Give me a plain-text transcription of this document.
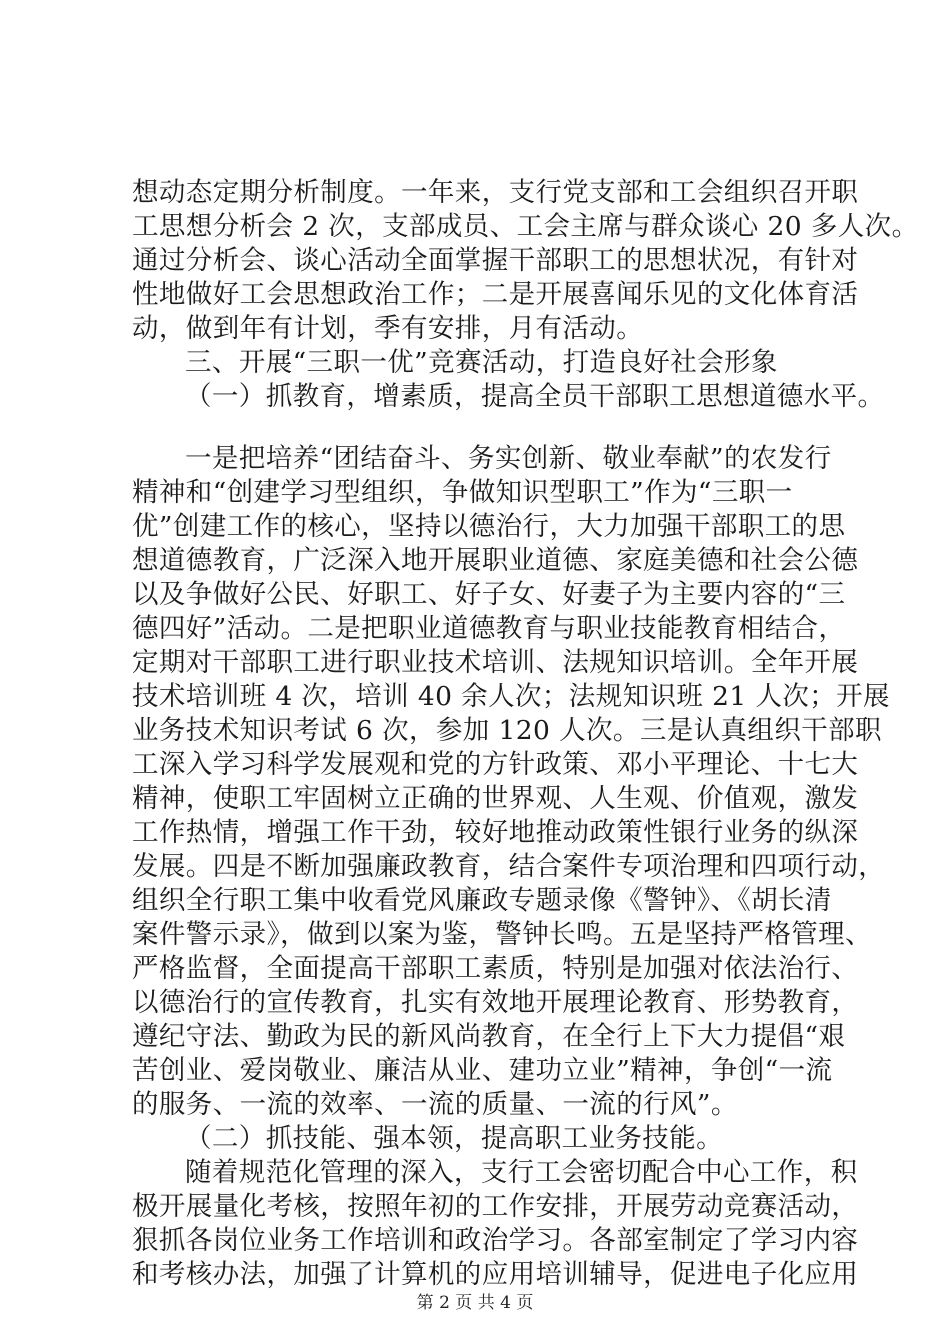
想动态定期分析制度。一年来，支行党支部和工会组织召开职
工思想分析会 2 次，支部成员、工会主席与群众谈心 20 多人次。
通过分析会、谈心活动全面掌握干部职工的思想状况，有针对
性地做好工会思想政治工作；二是开展喜闻乐见的文化体育活
动，做到年有计划，季有安排，月有活动。
三、开展“三职一优”竞赛活动，打造良好社会形象
（一）抓教育，增素质，提高全员干部职工思想道德水平。
一是把培养“团结奋斗、务实创新、敬业奉献”的农发行
精神和“创建学习型组织，争做知识型职工”作为“三职一
优”创建工作的核心，坚持以德治行，大力加强干部职工的思
想道德教育，广泛深入地开展职业道德、家庭美德和社会公德
以及争做好公民、好职工、好子女、好妻子为主要内容的“三
德四好”活动。二是把职业道德教育与职业技能教育相结合，
定期对干部职工进行职业技术培训、法规知识培训。全年开展
技术培训班 4 次，培训 40 余人次；法规知识班 21 人次；开展
业务技术知识考试 6 次，参加 120 人次。三是认真组织干部职
工深入学习科学发展观和党的方针政策、邓小平理论、十七大
精神，使职工牢固树立正确的世界观、人生观、价值观，激发
工作热情，增强工作干劲，较好地推动政策性银行业务的纵深
发展。四是不断加强廉政教育，结合案件专项治理和四项行动，
组织全行职工集中收看党风廉政专题录像《警钟》、《胡长清
案件警示录》，做到以案为鉴，警钟长鸣。五是坚持严格管理、
严格监督，全面提高干部职工素质，特别是加强对依法治行、
以德治行的宣传教育，扎实有效地开展理论教育、形势教育，
遵纪守法、勤政为民的新风尚教育，在全行上下大力提倡“艰
苦创业、爱岗敬业、廉洁从业、建功立业”精神，争创“一流
的服务、一流的效率、一流的质量、一流的行风”。
（二）抓技能、强本领，提高职工业务技能。
随着规范化管理的深入，支行工会密切配合中心工作，积
极开展量化考核，按照年初的工作安排，开展劳动竞赛活动，
狠抓各岗位业务工作培训和政治学习。各部室制定了学习内容
和考核办法，加强了计算机的应用培训辅导，促进电子化应用
第 2 页 共 4 页
